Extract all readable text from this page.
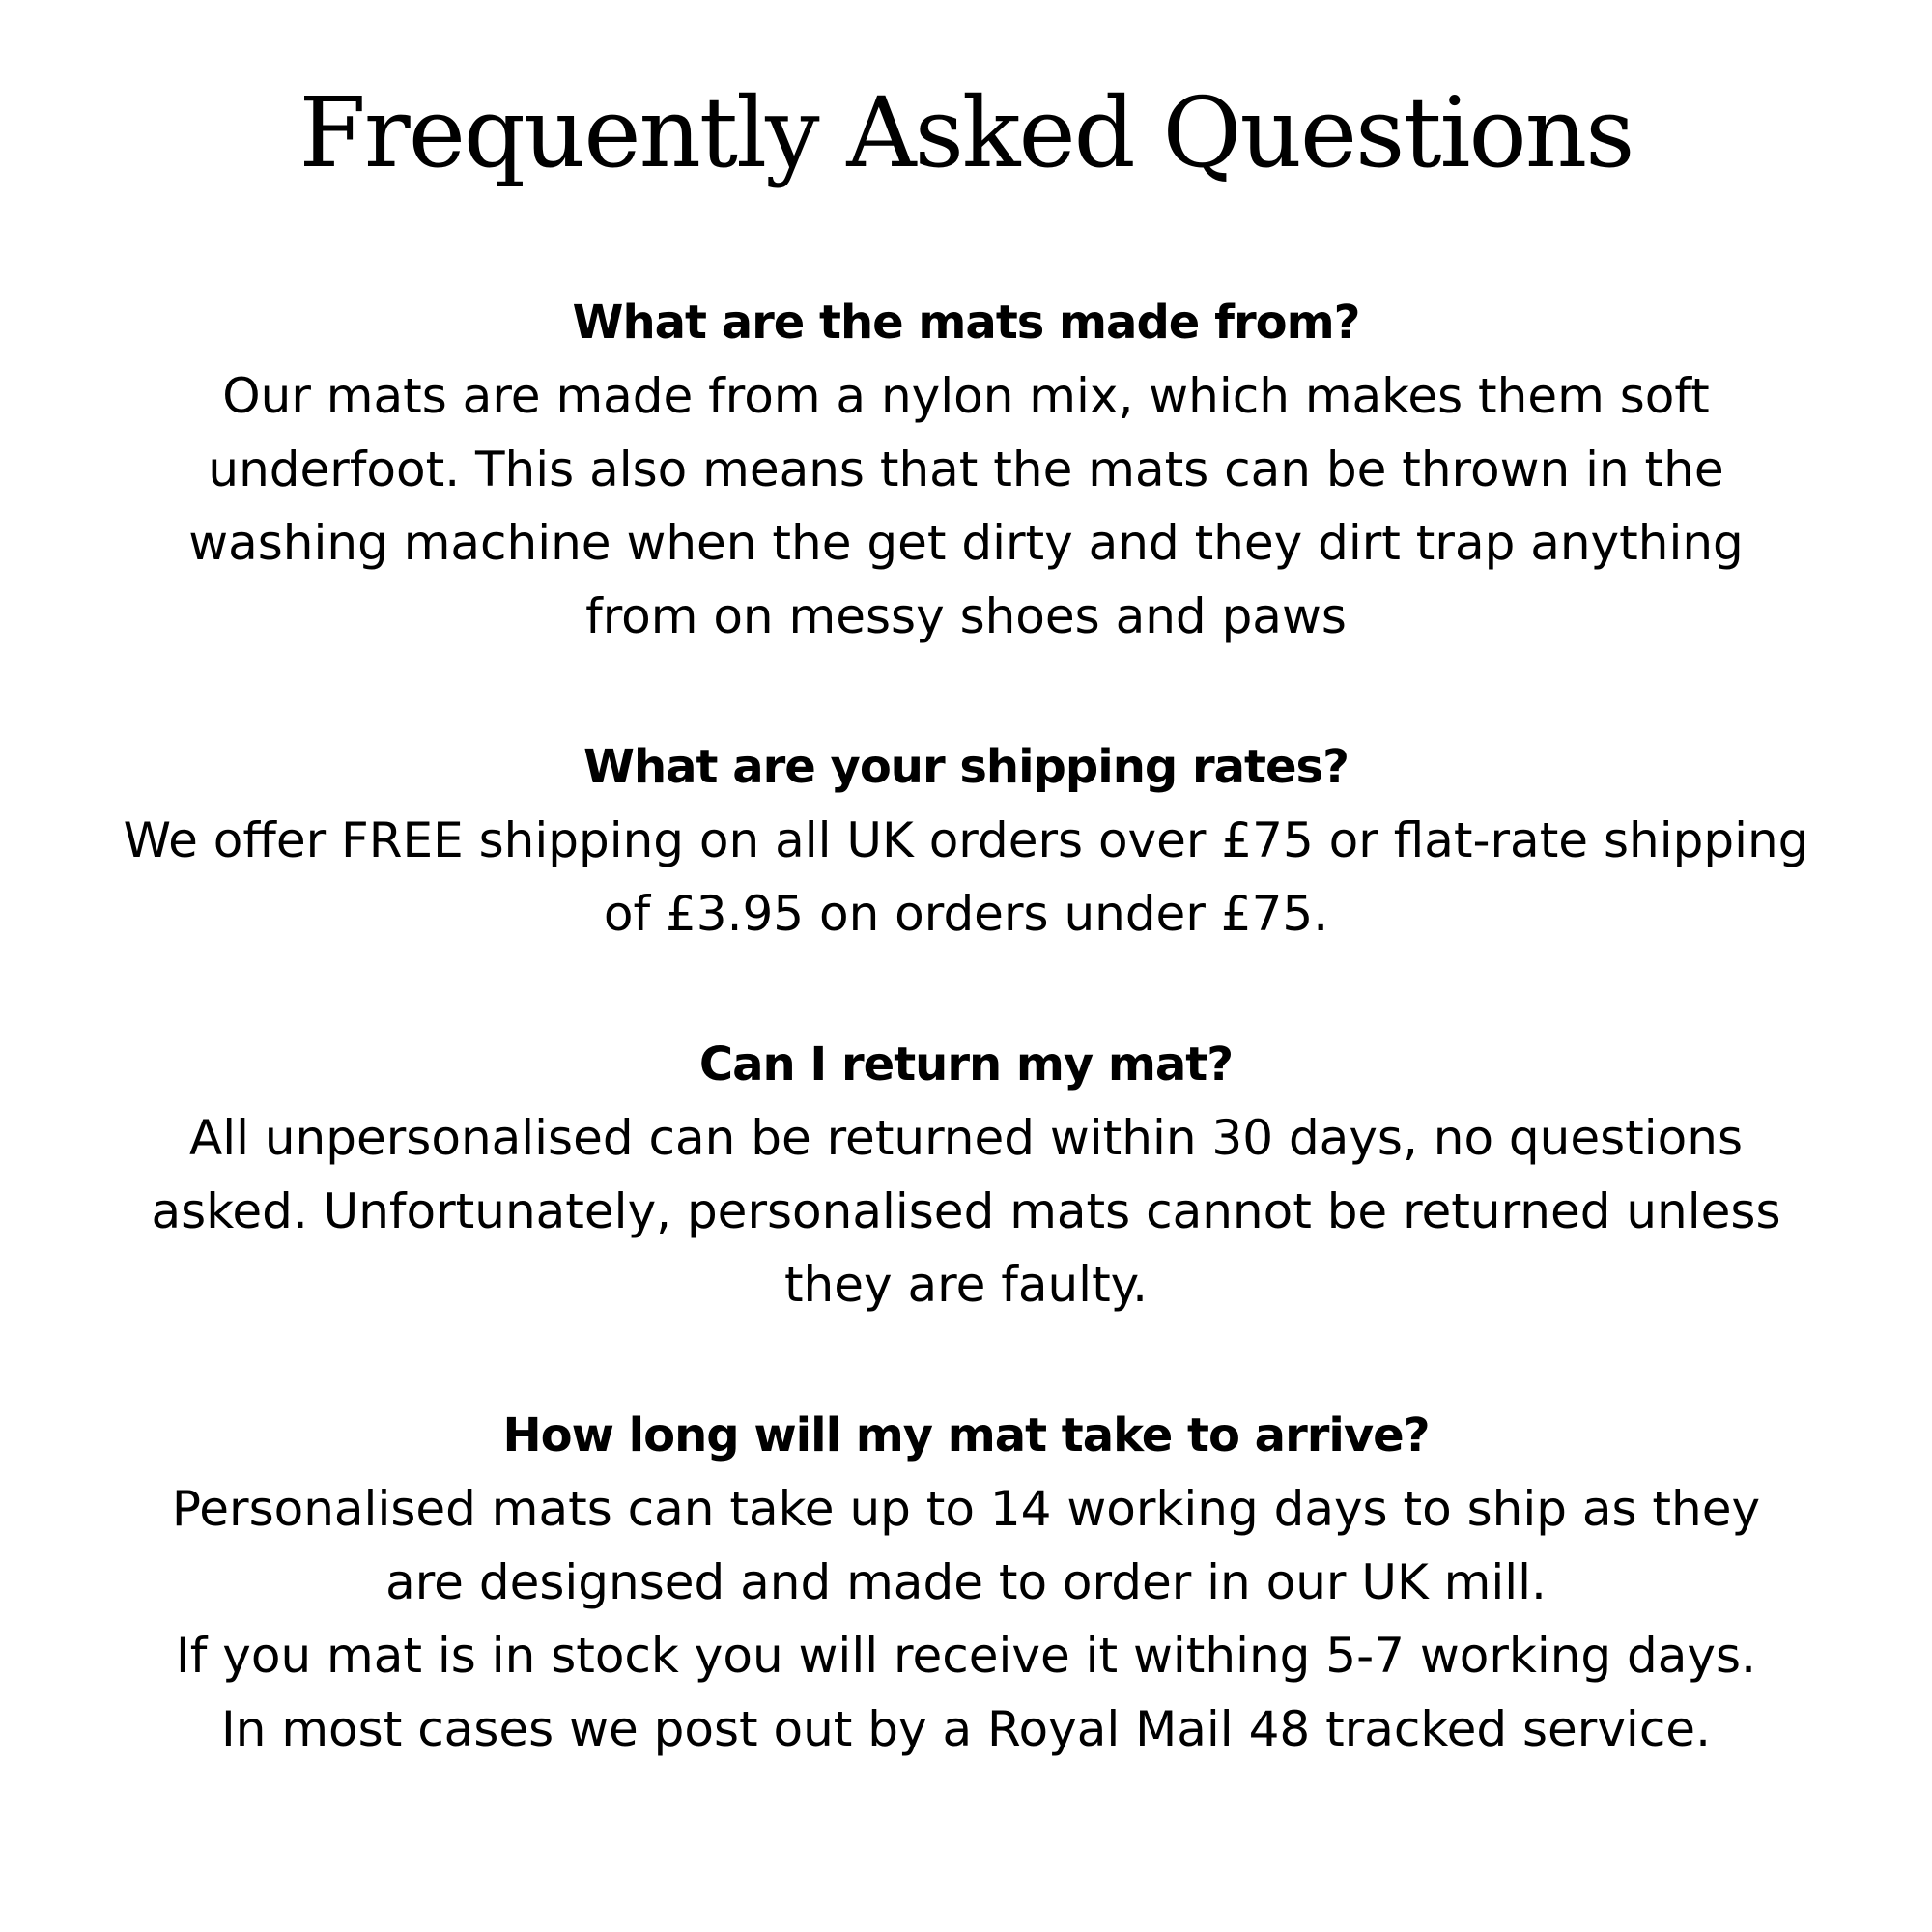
Frequently Asked Questions
What are the mats made from?

Our mats are made from a nylon mix, which makes them soft
underfoot. This also means that the mats can be thrown in the
washing machine when the get dirty and they dirt trap anything
from on messy shoes and paws

What are your shipping rates?

We offer FREE shipping on all UK orders over £75 or flat-rate shipping
of £3.95 on orders under £75.

Can I return my mat?

All unpersonalised can be returned within 30 days, no questions
asked. Unfortunately, personalised mats cannot be returned unless
they are faulty.

How long will my mat take to arrive?

Personalised mats can take up to 14 working days to ship as they
are designsed and made to order in our UK mill.
If you mat is in stock you will receive it withing 5-7 working days.
In most cases we post out by a Royal Mail 48 tracked service.
